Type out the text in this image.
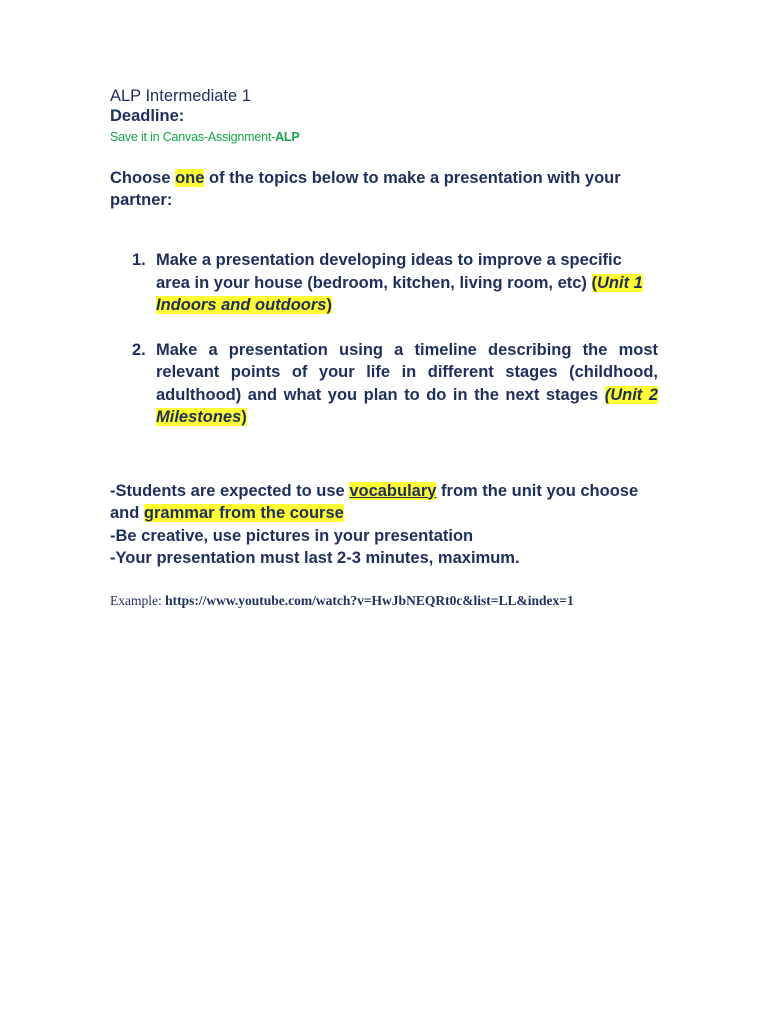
ALP Intermediate 1

Deadline:

Save it in Canvas-Assignment-ALP

Choose one of the topics below to make a presentation with your partner:

1. Make a presentation developing ideas to improve a specific area in your house (bedroom, kitchen, living room, etc) (Unit 1 Indoors and outdoors)
2. Make a presentation using a timeline describing the most relevant points of your life in different stages (childhood, adulthood) and what you plan to do in the next stages (Unit 2 Milestones)

-Students are expected to use vocabulary from the unit you choose and grammar from the course

-Be creative, use pictures in your presentation

-Your presentation must last 2-3 minutes, maximum.

Example: https://www.youtube.com/watch?v=HwJbNEQRt0c&list=LL&index=1
